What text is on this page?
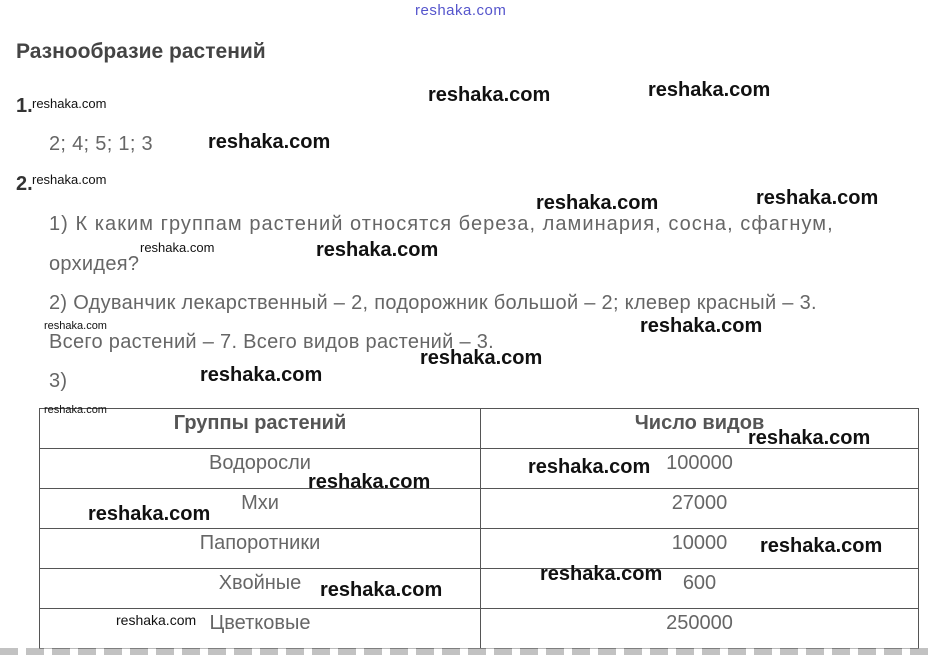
reshaka.com
Разнообразие растений
1.
2; 4; 5; 1; 3
2.
1) К каким группам растений относятся береза, ламинария, сосна, сфагнум,
орхидея?
2) Одуванчик лекарственный – 2, подорожник большой – 2; клевер красный – 3.
Всего растений – 7. Всего видов растений – 3.
3)
Группы растений	Число видов
Водоросли	100000
Мхи	27000
Папоротники	10000
Хвойные	600
Цветковые	250000
reshaka.com	reshaka.com	reshaka.com
reshaka.com
reshaka.com
reshaka.com	reshaka.com
reshaka.com	reshaka.com
reshaka.com	reshaka.com
reshaka.com
reshaka.com
reshaka.com
reshaka.com
reshaka.com
reshaka.com
reshaka.com
reshaka.com
reshaka.com
reshaka.com
reshaka.com
